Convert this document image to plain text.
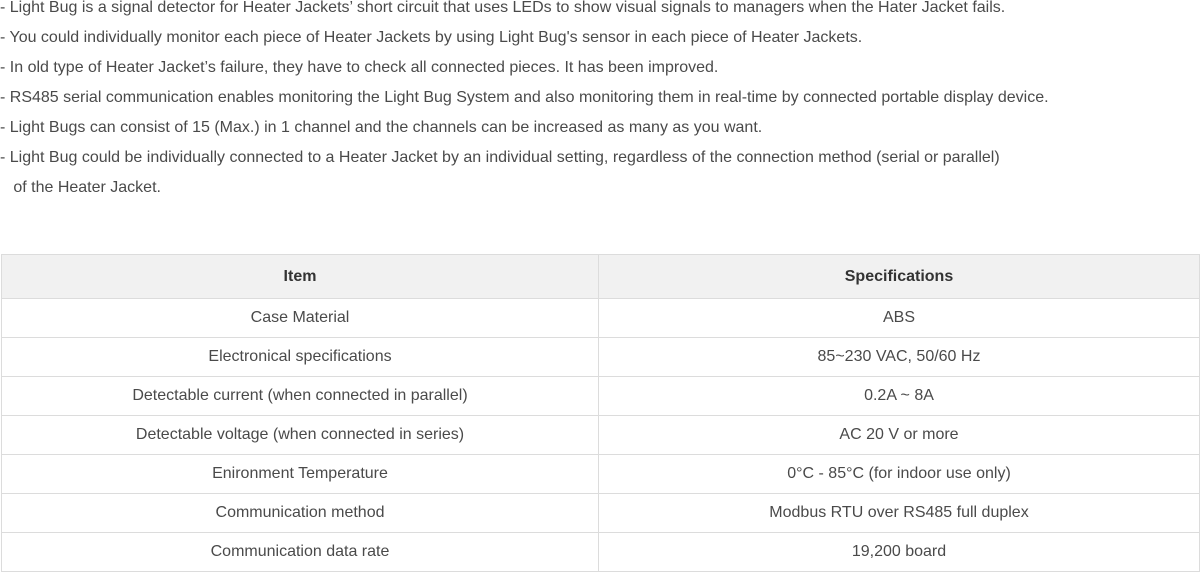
- Light Bug is a signal detector for Heater Jackets’ short circuit that uses LEDs to show visual signals to managers when the Hater Jacket fails.
- You could individually monitor each piece of Heater Jackets by using Light Bug's sensor in each piece of Heater Jackets.
- In old type of Heater Jacket’s failure, they have to check all connected pieces. It has been improved.
- RS485 serial communication enables monitoring the Light Bug System and also monitoring them in real-time by connected portable display device.
- Light Bugs can consist of 15 (Max.) in 1 channel and the channels can be increased as many as you want.
- Light Bug could be individually connected to a Heater Jacket by an individual setting, regardless of the connection method (serial or parallel)
of the Heater Jacket.
Item	Specifications
Case Material	ABS
Electronical specifications	85~230 VAC, 50/60 Hz
Detectable current (when connected in parallel)	0.2A ~ 8A
Detectable voltage (when connected in series)	AC 20 V or more
Enironment Temperature	0°C - 85°C (for indoor use only)
Communication method	Modbus RTU over RS485 full duplex
Communication data rate	19,200 board
